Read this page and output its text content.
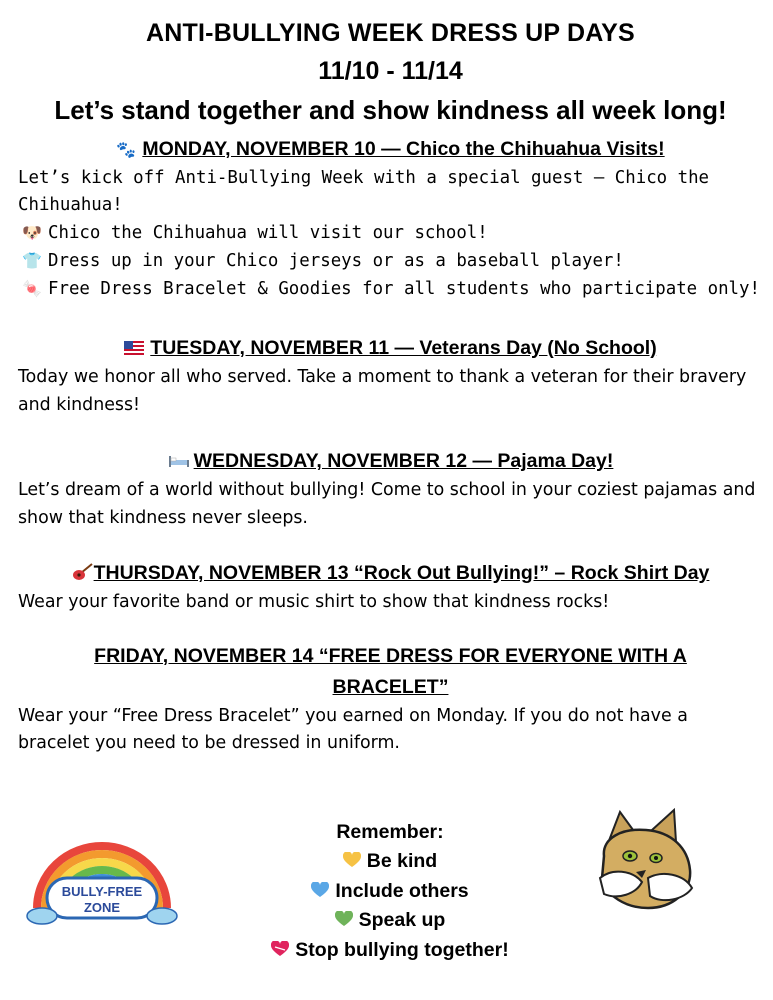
ANTI-BULLYING WEEK DRESS UP DAYS
11/10 - 11/14
Let’s stand together and show kindness all week long!
🐾 MONDAY, NOVEMBER 10 — Chico the Chihuahua Visits!

Let’s kick off Anti-Bullying Week with a special guest — Chico the Chihuahua!

🐶 Chico the Chihuahua will visit our school!
👕 Dress up in your Chico jerseys or as a baseball player!
🍬 Free Dress Bracelet & Goodies for all students who participate only!
TUESDAY, NOVEMBER 11 — Veterans Day (No School)

Today we honor all who served. Take a moment to thank a veteran for their bravery and kindness!

WEDNESDAY, NOVEMBER 12 — Pajama Day!

Let’s dream of a world without bullying! Come to school in your coziest pajamas and show that kindness never sleeps.

THURSDAY, NOVEMBER 13 “Rock Out Bullying!” – Rock Shirt Day

Wear your favorite band or music shirt to show that kindness rocks!

FRIDAY, NOVEMBER 14 “FREE DRESS FOR EVERYONE WITH A BRACELET”

Wear your “Free Dress Bracelet” you earned on Monday. If you do not have a bracelet you need to be dressed in uniform.

BULLY-FREE
ZONE
Remember:
Be kind
Include others
Speak up
Stop bullying together!
